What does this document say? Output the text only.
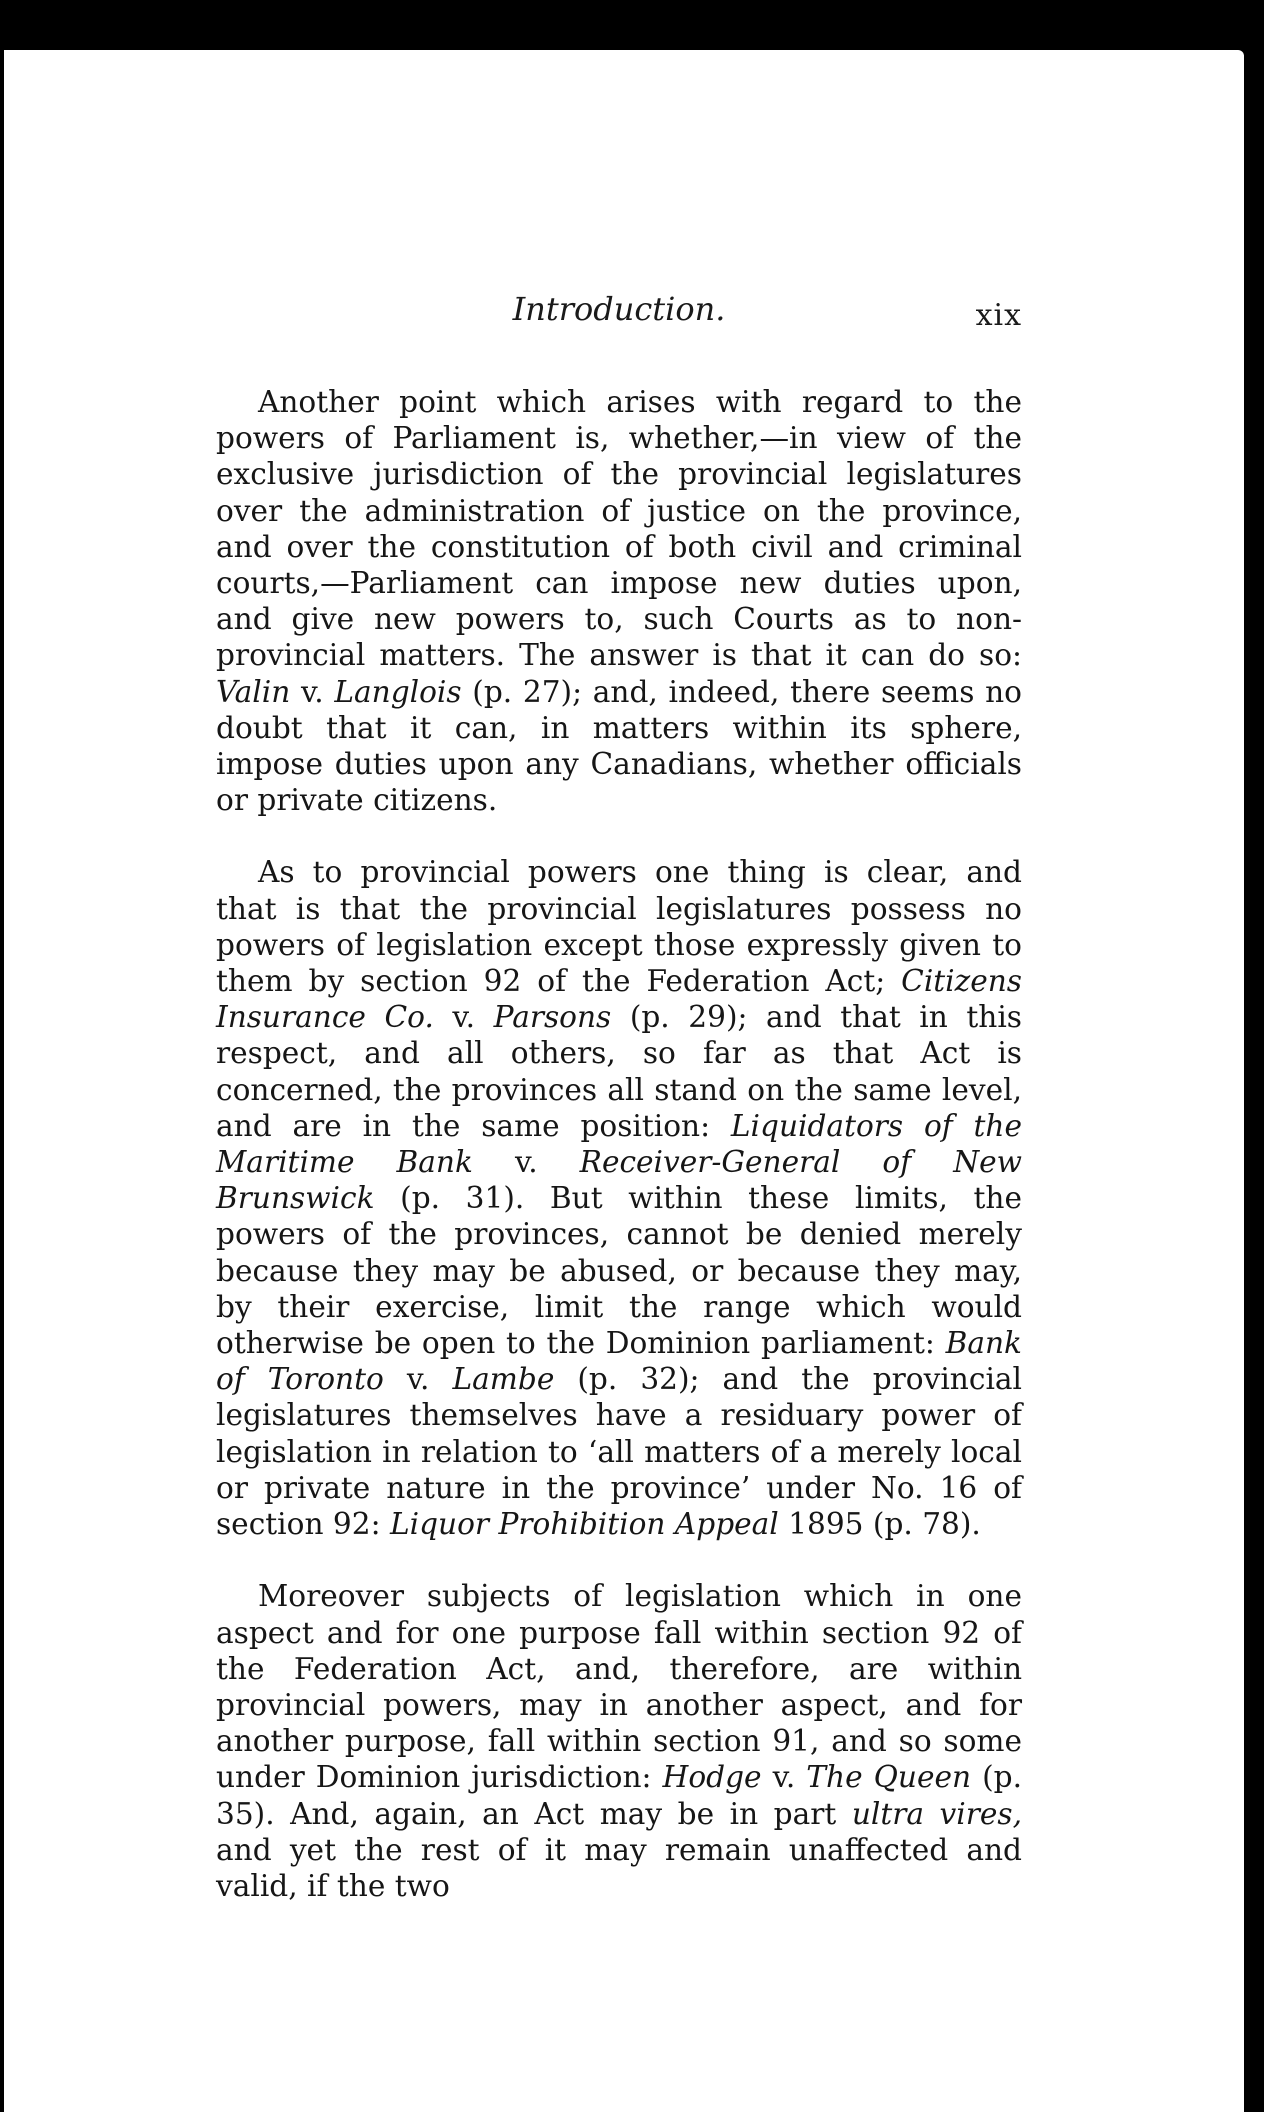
Introduction.	xix

Another point which arises with regard to the powers of Parliament is, whether,—in view of the exclusive jurisdiction of the provincial legislatures over the administration of justice on the province, and over the constitution of both civil and criminal courts,—Parliament can impose new duties upon, and give new powers to, such Courts as to non-provincial matters. The answer is that it can do so: Valin v. Langlois (p. 27); and, indeed, there seems no doubt that it can, in matters within its sphere, impose duties upon any Canadians, whether officials or private citizens.

As to provincial powers one thing is clear, and that is that the provincial legislatures possess no powers of legislation except those expressly given to them by section 92 of the Federation Act; Citizens Insurance Co. v. Parsons (p. 29); and that in this respect, and all others, so far as that Act is concerned, the provinces all stand on the same level, and are in the same position: Liquidators of the Maritime Bank v. Receiver-General of New Brunswick (p. 31). But within these limits, the powers of the provinces, cannot be denied merely because they may be abused, or because they may, by their exercise, limit the range which would otherwise be open to the Dominion parliament: Bank of Toronto v. Lambe (p. 32); and the provincial legislatures themselves have a residuary power of legislation in relation to ‘all matters of a merely local or private nature in the province’ under No. 16 of section 92: Liquor Prohibition Appeal 1895 (p. 78).

Moreover subjects of legislation which in one aspect and for one purpose fall within section 92 of the Federation Act, and, therefore, are within provincial powers, may in another aspect, and for another purpose, fall within section 91, and so some under Dominion jurisdiction: Hodge v. The Queen (p. 35). And, again, an Act may be in part ultra vires, and yet the rest of it may remain unaffected and valid, if the two
